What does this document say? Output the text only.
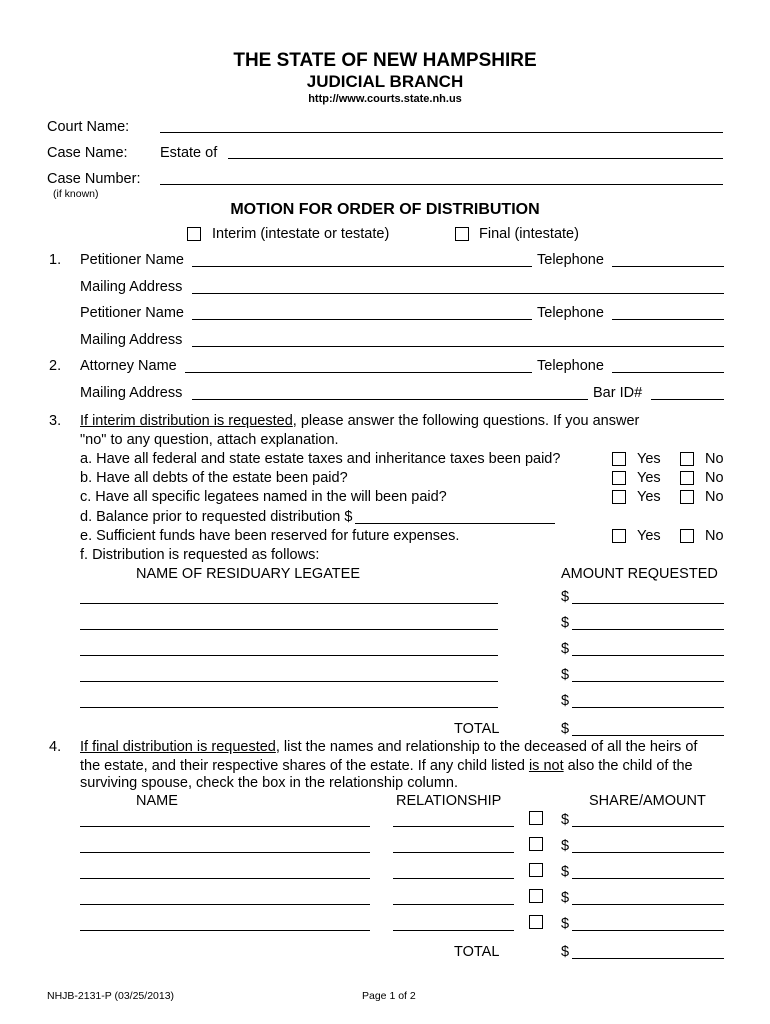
THE STATE OF NEW HAMPSHIRE
JUDICIAL BRANCH
http://www.courts.state.nh.us
Court Name:
Case Name: Estate of
Case Number:
(if known)
MOTION FOR ORDER OF DISTRIBUTION
Interim (intestate or testate)	Final (intestate)
1. Petitioner Name	Telephone
Mailing Address
Petitioner Name	Telephone
Mailing Address
2. Attorney Name	Telephone
Mailing Address	Bar ID#
3. If interim distribution is requested, please answer the following questions. If you answer
"no" to any question, attach explanation.
a. Have all federal and state estate taxes and inheritance taxes been paid?	Yes	No
b. Have all debts of the estate been paid?	Yes	No
c. Have all specific legatees named in the will been paid?	Yes	No
d. Balance prior to requested distribution $
e. Sufficient funds have been reserved for future expenses.	Yes	No
f. Distribution is requested as follows:
NAME OF RESIDUARY LEGATEE	AMOUNT REQUESTED
$
$
$
$
$
TOTAL	$
4. If final distribution is requested, list the names and relationship to the deceased of all the heirs of
the estate, and their respective shares of the estate. If any child listed is not also the child of the
surviving spouse, check the box in the relationship column.
NAME	RELATIONSHIP	SHARE/AMOUNT
$
$
$
$
$
TOTAL	$
NHJB-2131-P (03/25/2013)	Page 1 of 2
